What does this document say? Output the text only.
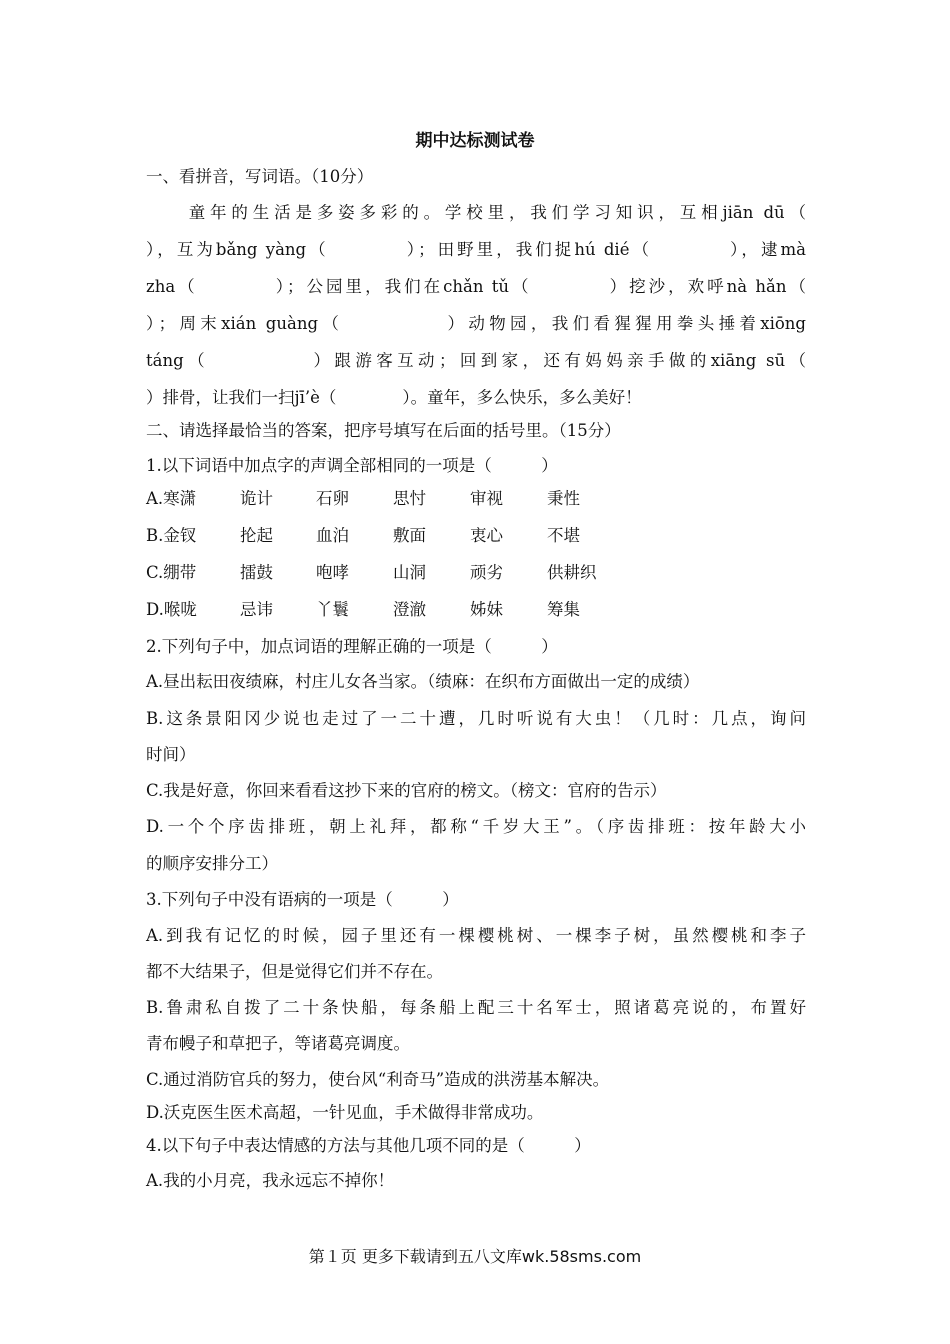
期中达标测试卷
一、看拼音，写词语。（10分）
　　童年的生活是多姿多彩的。学校里，我们学习知识，互相jiān dū（
），互为bǎng yàng（　　　　）；田野里，我们捉hú dié（　　　　），逮mà
zha（　　　　）；公园里，我们在chǎn tǔ（　　　　）挖沙，欢呼nà hǎn（
）；周末xián guàng（　　　　　）动物园，我们看猩猩用拳头捶着xiōng
táng（　　　　　）跟游客互动；回到家，还有妈妈亲手做的xiāng sū（
）排骨，让我们一扫jī’è（　　　　）。童年，多么快乐，多么美好！
二、请选择最恰当的答案，把序号填写在后面的括号里。（15分）
1.以下词语中加点字的声调全部相同的一项是（　　　）
A.寒潇	诡计	石卵	思忖	审视	秉性
B.金钗	抡起	血泊	敷面	衷心	不堪
C.绷带	擂鼓	咆哮	山洞	顽劣	供耕织
D.喉咙	忌讳	丫鬟	澄澈	姊妹	筹集
2.下列句子中，加点词语的理解正确的一项是（　　　）
A.昼出耘田夜绩麻，村庄儿女各当家。（绩麻：在织布方面做出一定的成绩）
B.这条景阳冈少说也走过了一二十遭，几时听说有大虫！（几时：几点，询问
时间）
C.我是好意，你回来看看这抄下来的官府的榜文。（榜文：官府的告示）
D.一个个序齿排班，朝上礼拜，都称“千岁大王”。（序齿排班：按年龄大小
的顺序安排分工）
3.下列句子中没有语病的一项是（　　　）
A.到我有记忆的时候，园子里还有一棵樱桃树、一棵李子树，虽然樱桃和李子
都不大结果子，但是觉得它们并不存在。
B.鲁肃私自拨了二十条快船，每条船上配三十名军士，照诸葛亮说的，布置好
青布幔子和草把子，等诸葛亮调度。
C.通过消防官兵的努力，使台风“利奇马”造成的洪涝基本解决。
D.沃克医生医术高超，一针见血，手术做得非常成功。
4.以下句子中表达情感的方法与其他几项不同的是（　　　）
A.我的小月亮，我永远忘不掉你！
第１页 更多下载请到五八文库wk.58sms.com
